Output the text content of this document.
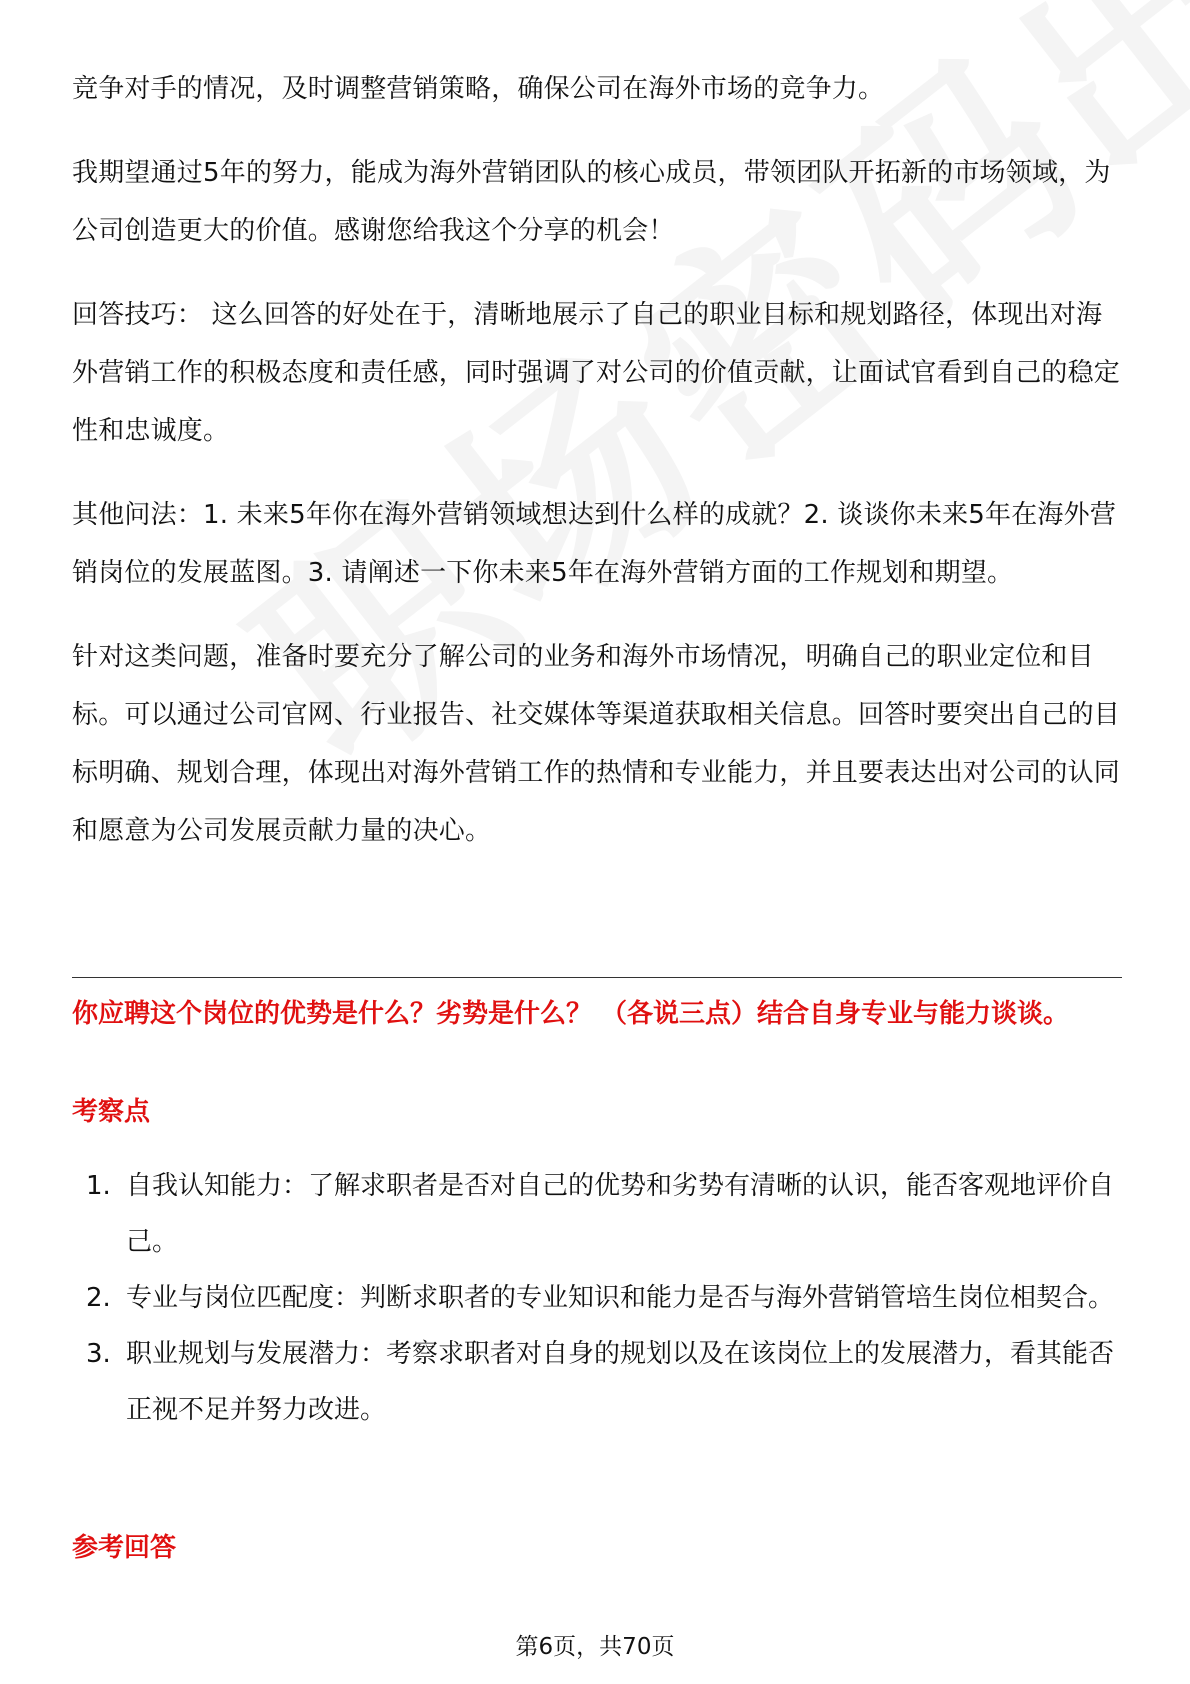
竞争对手的情况，及时调整营销策略，确保公司在海外市场的竞争力。

我期望通过5年的努力，能成为海外营销团队的核心成员，带领团队开拓新的市场领域，为公司创造更大的价值。感谢您给我这个分享的机会！

回答技巧： 这么回答的好处在于，清晰地展示了自己的职业目标和规划路径，体现出对海外营销工作的积极态度和责任感，同时强调了对公司的价值贡献，让面试官看到自己的稳定性和忠诚度。

其他问法：1. 未来5年你在海外营销领域想达到什么样的成就？2. 谈谈你未来5年在海外营销岗位的发展蓝图。3. 请阐述一下你未来5年在海外营销方面的工作规划和期望。

针对这类问题，准备时要充分了解公司的业务和海外市场情况，明确自己的职业定位和目标。可以通过公司官网、行业报告、社交媒体等渠道获取相关信息。回答时要突出自己的目标明确、规划合理，体现出对海外营销工作的热情和专业能力，并且要表达出对公司的认同和愿意为公司发展贡献力量的决心。

你应聘这个岗位的优势是什么？劣势是什么？ （各说三点）结合自身专业与能力谈谈。

考察点

1. 自我认知能力：了解求职者是否对自己的优势和劣势有清晰的认识，能否客观地评价自己。
2. 专业与岗位匹配度：判断求职者的专业知识和能力是否与海外营销管培生岗位相契合。
3. 职业规划与发展潜力：考察求职者对自身的规划以及在该岗位上的发展潜力，看其能否正视不足并努力改进。

参考回答

第6页，共70页
